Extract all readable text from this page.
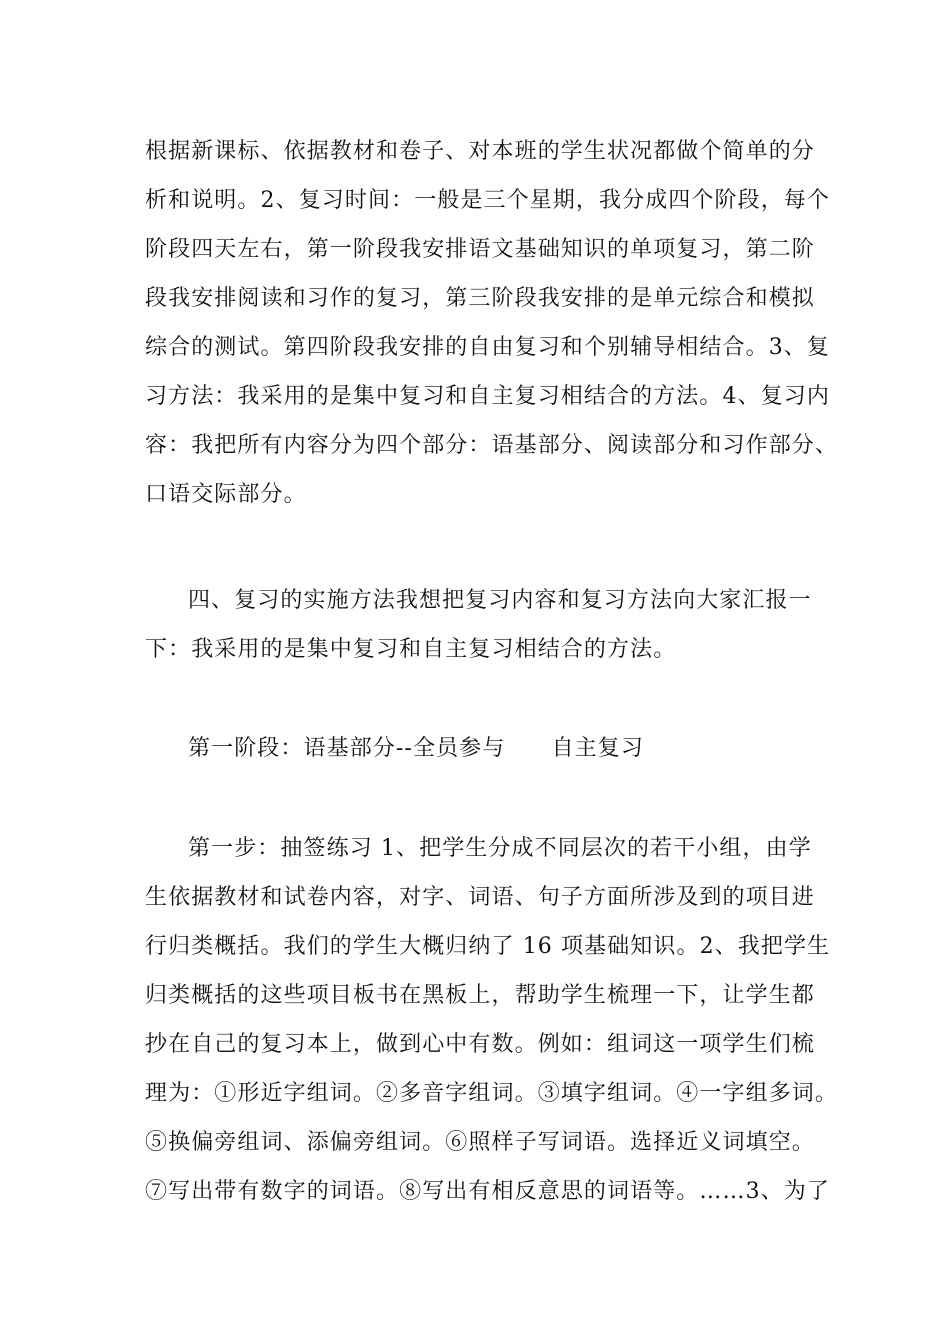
根据新课标、依据教材和卷子、对本班的学生状况都做个简单的分
析和说明。2、复习时间：一般是三个星期，我分成四个阶段，每个
阶段四天左右，第一阶段我安排语文基础知识的单项复习，第二阶
段我安排阅读和习作的复习，第三阶段我安排的是单元综合和模拟
综合的测试。第四阶段我安排的自由复习和个别辅导相结合。3、复
习方法：我采用的是集中复习和自主复习相结合的方法。4、复习内
容：我把所有内容分为四个部分：语基部分、阅读部分和习作部分、
口语交际部分。
四、复习的实施方法我想把复习内容和复习方法向大家汇报一
下：我采用的是集中复习和自主复习相结合的方法。
第一阶段：语基部分--全员参与　　自主复习
第一步：抽签练习 1、把学生分成不同层次的若干小组，由学
生依据教材和试卷内容，对字、词语、句子方面所涉及到的项目进
行归类概括。我们的学生大概归纳了 16 项基础知识。2、我把学生
归类概括的这些项目板书在黑板上，帮助学生梳理一下，让学生都
抄在自己的复习本上，做到心中有数。例如：组词这一项学生们梳
理为：①形近字组词。②多音字组词。③填字组词。④一字组多词。
⑤换偏旁组词、添偏旁组词。⑥照样子写词语。选择近义词填空。
⑦写出带有数字的词语。⑧写出有相反意思的词语等。……3、为了
